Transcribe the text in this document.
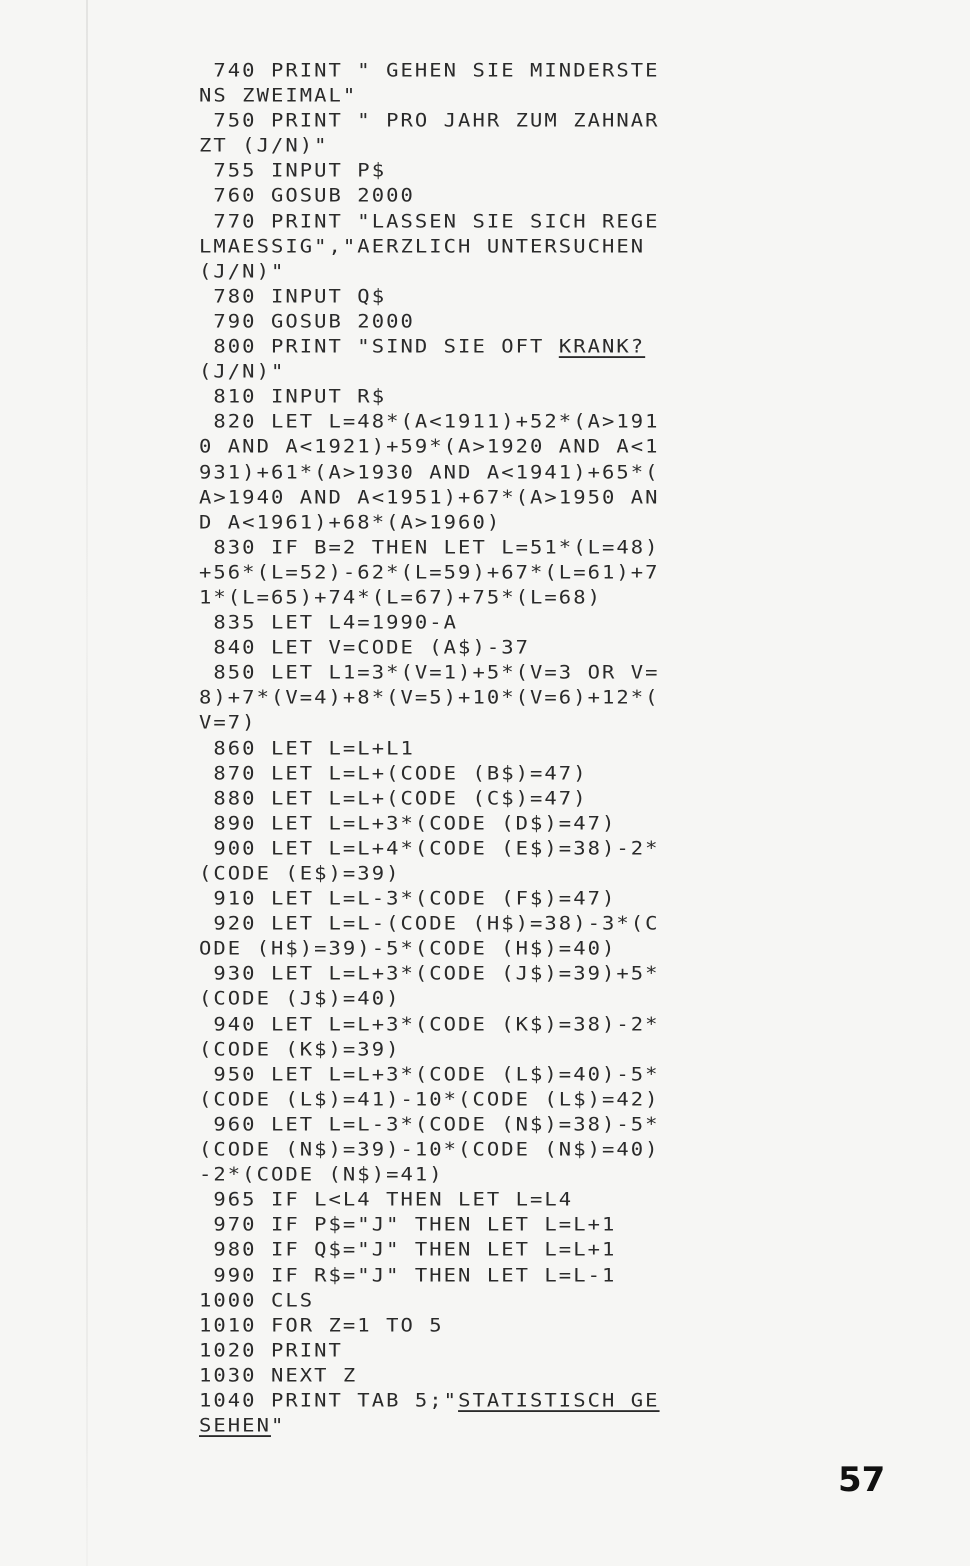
740 PRINT " GEHEN SIE MINDERSTE
NS ZWEIMAL"
750 PRINT " PRO JAHR ZUM ZAHNAR
ZT (J/N)"
755 INPUT P$
760 GOSUB 2000
770 PRINT "LASSEN SIE SICH REGE
LMAESSIG","AERZLICH UNTERSUCHEN
(J/N)"
780 INPUT Q$
790 GOSUB 2000
800 PRINT "SIND SIE OFT KRANK?
(J/N)"
810 INPUT R$
820 LET L=48*(A<1911)+52*(A>191
0 AND A<1921)+59*(A>1920 AND A<1
931)+61*(A>1930 AND A<1941)+65*(
A>1940 AND A<1951)+67*(A>1950 AN
D A<1961)+68*(A>1960)
830 IF B=2 THEN LET L=51*(L=48)
+56*(L=52)-62*(L=59)+67*(L=61)+7
1*(L=65)+74*(L=67)+75*(L=68)
835 LET L4=1990-A
840 LET V=CODE (A$)-37
850 LET L1=3*(V=1)+5*(V=3 OR V=
8)+7*(V=4)+8*(V=5)+10*(V=6)+12*(
V=7)
860 LET L=L+L1
870 LET L=L+(CODE (B$)=47)
880 LET L=L+(CODE (C$)=47)
890 LET L=L+3*(CODE (D$)=47)
900 LET L=L+4*(CODE (E$)=38)-2*
(CODE (E$)=39)
910 LET L=L-3*(CODE (F$)=47)
920 LET L=L-(CODE (H$)=38)-3*(C
ODE (H$)=39)-5*(CODE (H$)=40)
930 LET L=L+3*(CODE (J$)=39)+5*
(CODE (J$)=40)
940 LET L=L+3*(CODE (K$)=38)-2*
(CODE (K$)=39)
950 LET L=L+3*(CODE (L$)=40)-5*
(CODE (L$)=41)-10*(CODE (L$)=42)
960 LET L=L-3*(CODE (N$)=38)-5*
(CODE (N$)=39)-10*(CODE (N$)=40)
-2*(CODE (N$)=41)
965 IF L<L4 THEN LET L=L4
970 IF P$="J" THEN LET L=L+1
980 IF Q$="J" THEN LET L=L+1
990 IF R$="J" THEN LET L=L-1
1000 CLS
1010 FOR Z=1 TO 5
1020 PRINT
1030 NEXT Z
1040 PRINT TAB 5;"STATISTISCH GE
SEHEN"
57
